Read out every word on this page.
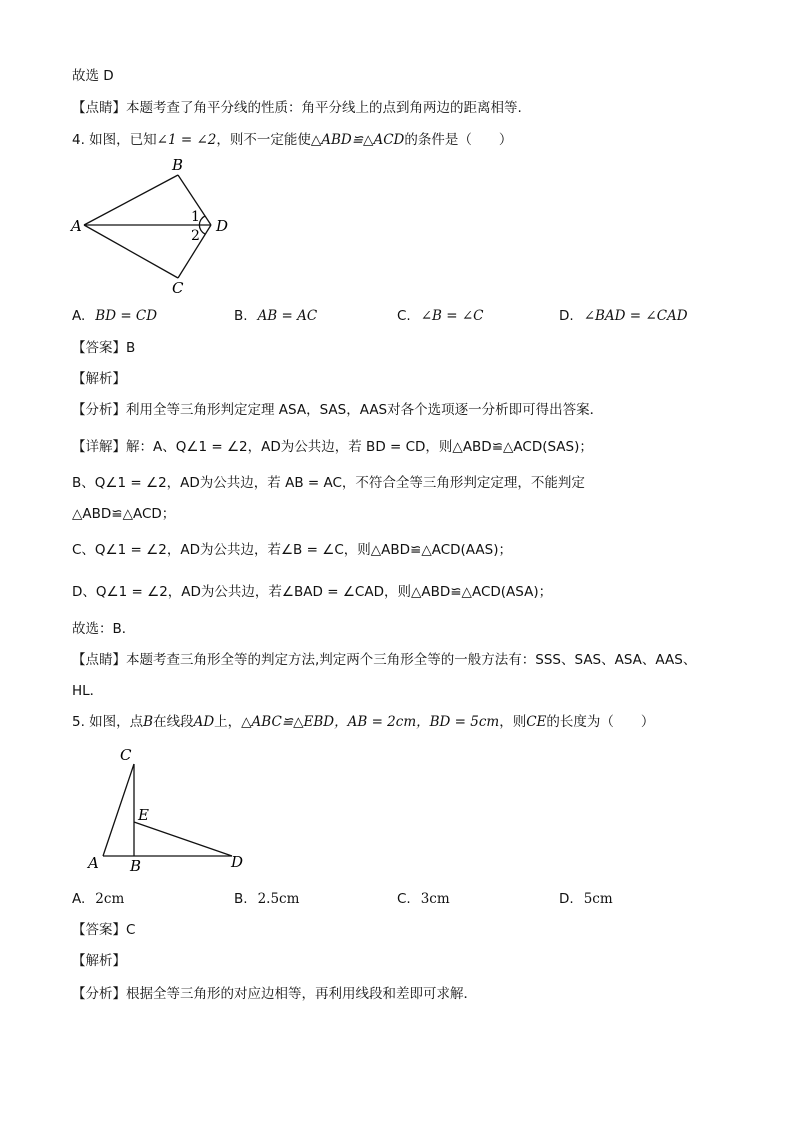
故选 D
【点睛】本题考查了角平分线的性质：角平分线上的点到角两边的距离相等.
4. 如图，已知∠1 = ∠2，则不一定能使△ABD≌△ACD的条件是（　　）
A
B
C
D
1
2
A. BD = CD	B. AB = AC	C. ∠B = ∠C	D. ∠BAD = ∠CAD
【答案】B
【解析】
【分析】利用全等三角形判定定理 ASA，SAS，AAS对各个选项逐一分析即可得出答案．
【详解】解：A、Q∠1 = ∠2，AD为公共边，若 BD = CD，则△ABD≌△ACD(SAS)；
B、Q∠1 = ∠2，AD为公共边，若 AB = AC，不符合全等三角形判定定理，不能判定
△ABD≌△ACD；
C、Q∠1 = ∠2，AD为公共边，若∠B = ∠C，则△ABD≌△ACD(AAS)；
D、Q∠1 = ∠2，AD为公共边，若∠BAD = ∠CAD，则△ABD≌△ACD(ASA)；
故选：B．
【点睛】本题考查三角形全等的判定方法,判定两个三角形全等的一般方法有：SSS、SAS、ASA、AAS、
HL．
5. 如图，点B在线段AD上，△ABC≌△EBD，AB = 2cm，BD = 5cm，则CE的长度为（　　）
C
E
A B	D
A. 2cm	B. 2.5cm	C. 3cm	D. 5cm
【答案】C
【解析】
【分析】根据全等三角形的对应边相等，再利用线段和差即可求解．
